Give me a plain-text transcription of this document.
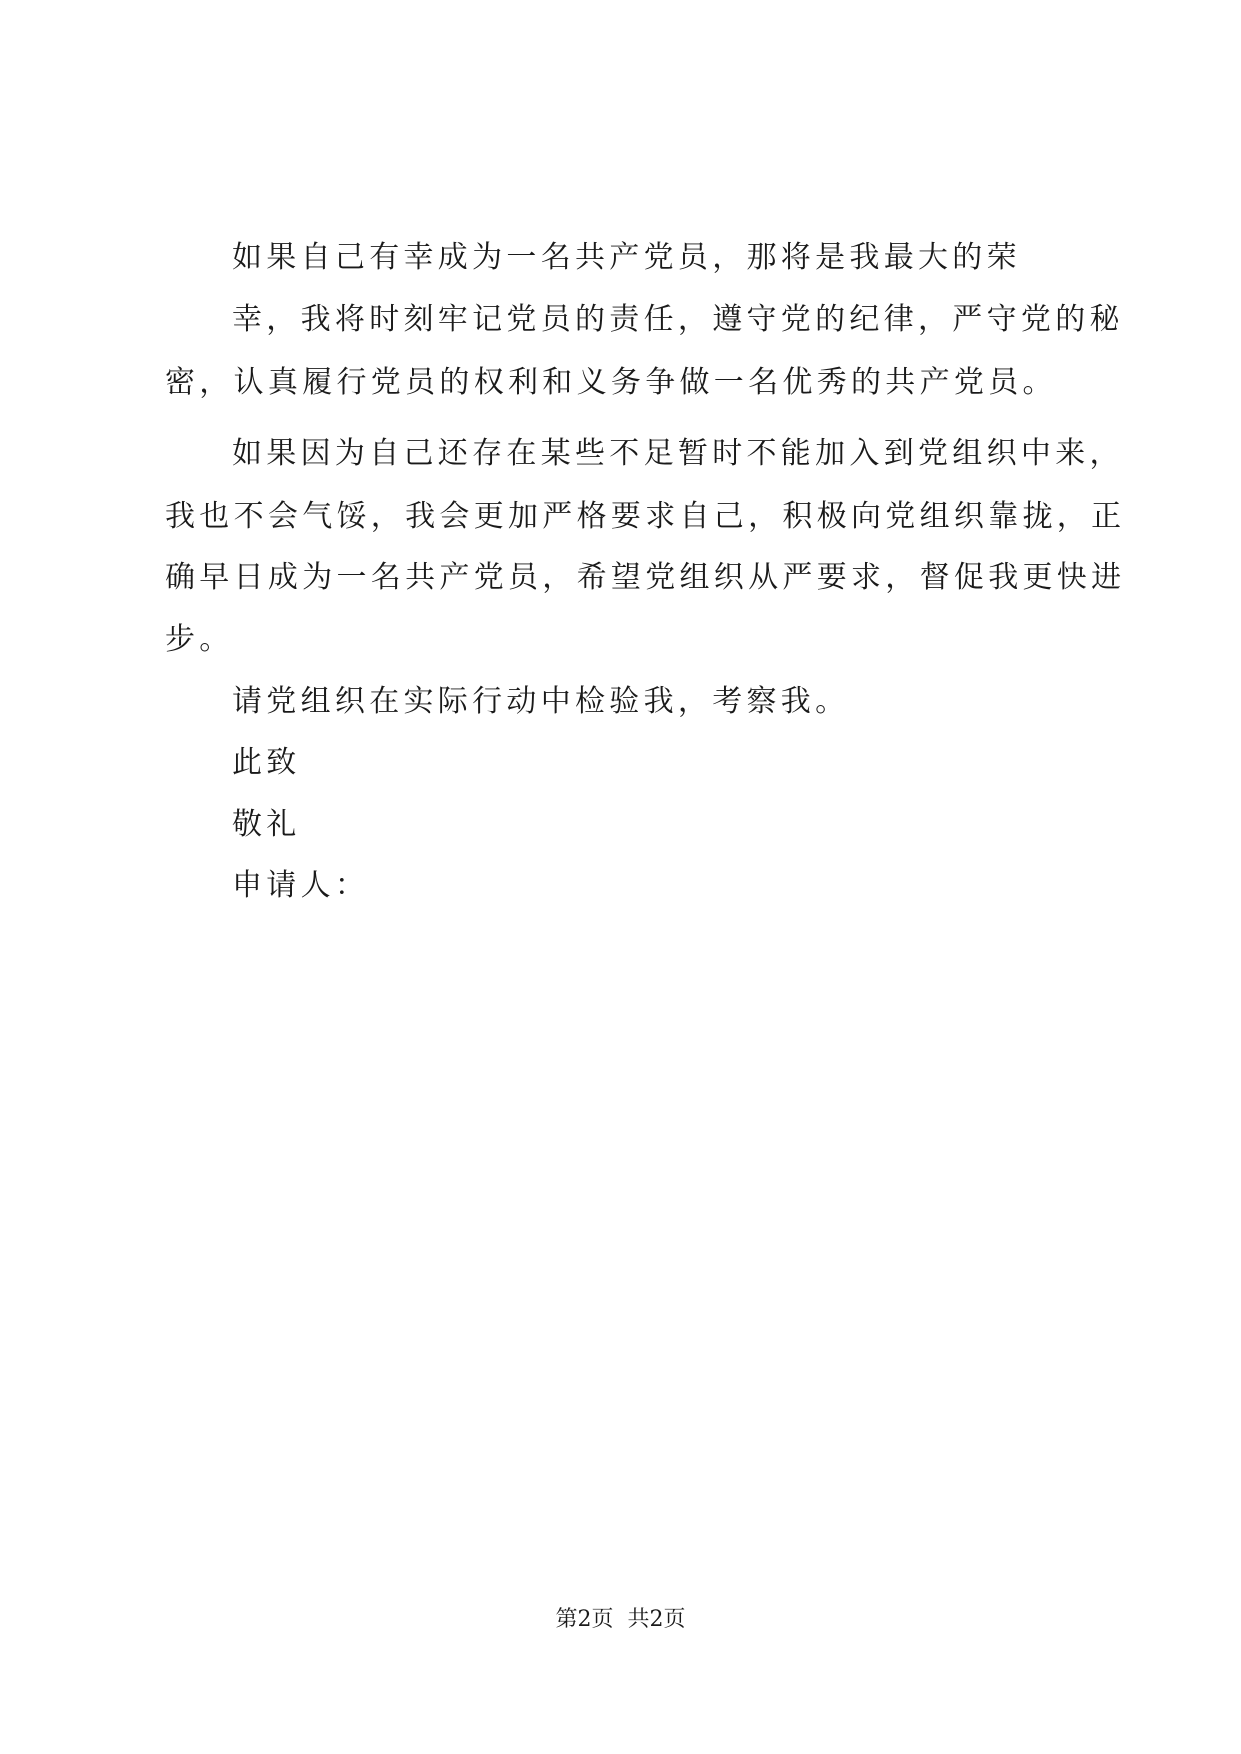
如果自己有幸成为一名共产党员，那将是我最大的荣
幸，我将时刻牢记党员的责任，遵守党的纪律，严守党的秘
密，认真履行党员的权利和义务争做一名优秀的共产党员。
如果因为自己还存在某些不足暂时不能加入到党组织中来，
我也不会气馁，我会更加严格要求自己，积极向党组织靠拢，正
确早日成为一名共产党员，希望党组织从严要求，督促我更快进
步。
请党组织在实际行动中检验我，考察我。
此致
敬礼
申请人：
第2页 共2页
